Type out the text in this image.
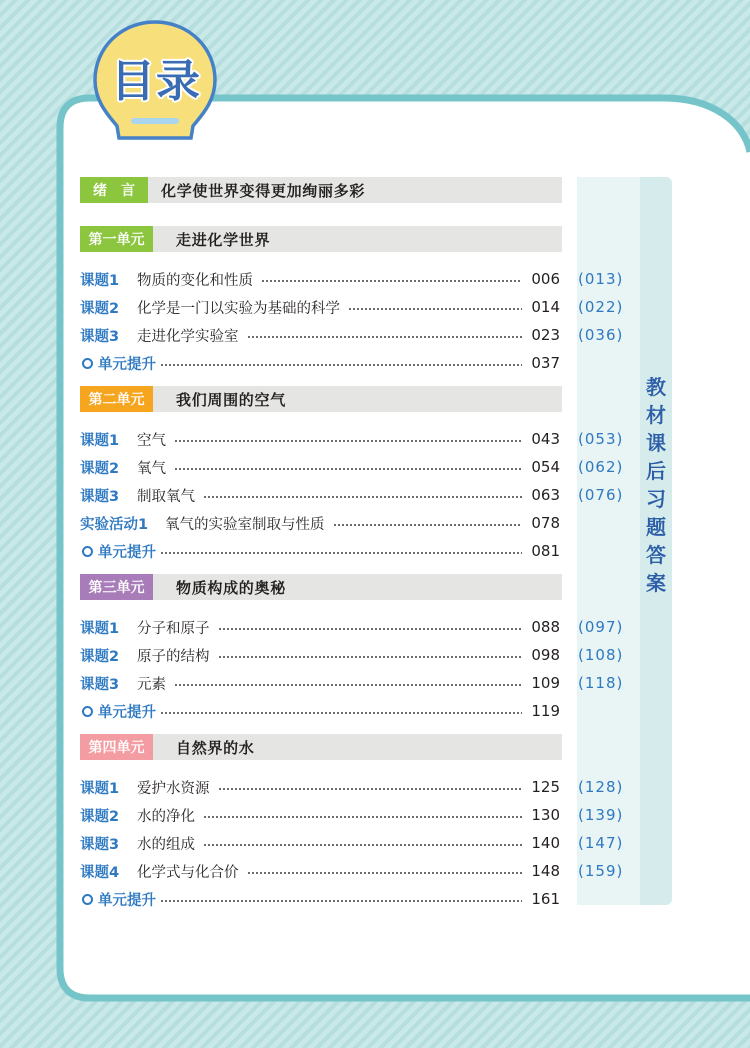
目录
教材课后习题答案
绪　言	化学使世界变得更加绚丽多彩
第一单元	走进化学世界
课题1	物质的变化和性质	006 (013)
课题2	化学是一门以实验为基础的科学	014 (022)
课题3	走进化学实验室	023 (036)
单元提升	037
第二单元	我们周围的空气
课题1	空气	043 (053)
课题2	氧气	054 (062)
课题3	制取氧气	063 (076)
实验活动1	氧气的实验室制取与性质	078
单元提升	081
第三单元	物质构成的奥秘
课题1	分子和原子	088 (097)
课题2	原子的结构	098 (108)
课题3	元素	109 (118)
单元提升	119
第四单元	自然界的水
课题1	爱护水资源	125 (128)
课题2	水的净化	130 (139)
课题3	水的组成	140 (147)
课题4	化学式与化合价	148 (159)
单元提升	161
